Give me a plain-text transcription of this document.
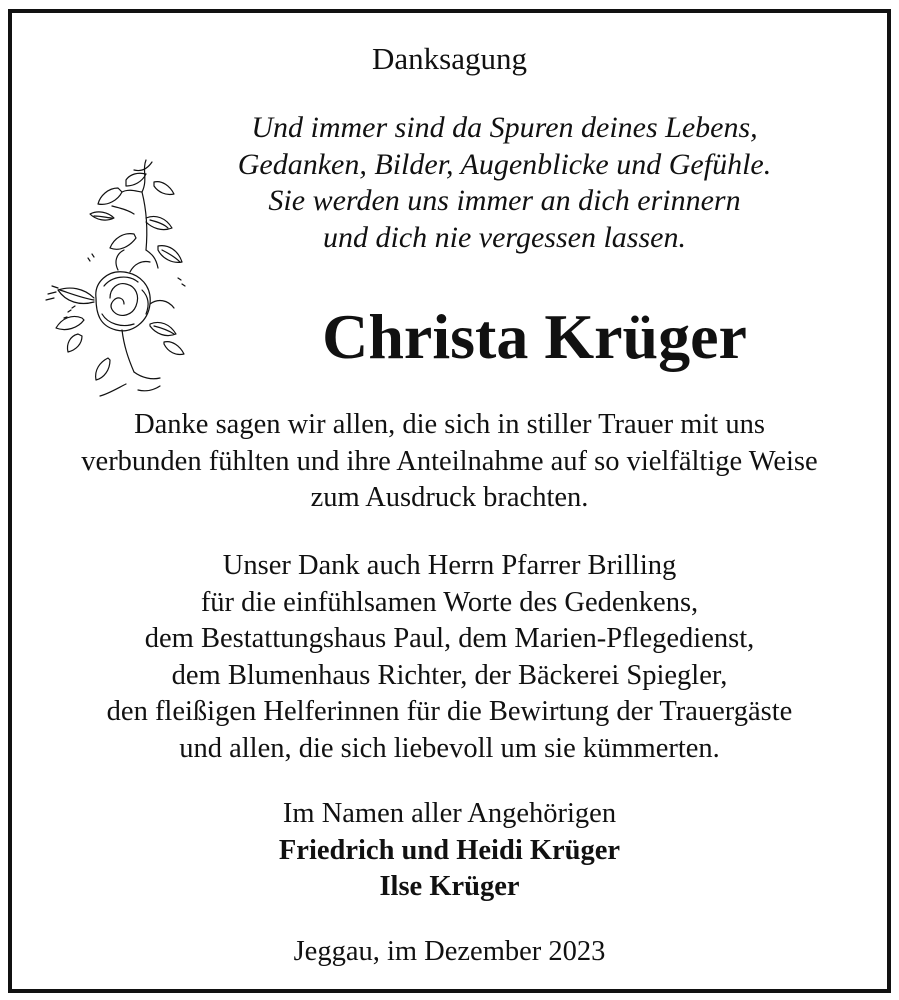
Danksagung
Und immer sind da Spuren deines Lebens,
Gedanken, Bilder, Augenblicke und Gefühle.
Sie werden uns immer an dich erinnern
und dich nie vergessen lassen.
Christa Krüger
Danke sagen wir allen, die sich in stiller Trauer mit uns
verbunden fühlten und ihre Anteilnahme auf so vielfältige Weise
zum Ausdruck brachten.
Unser Dank auch Herrn Pfarrer Brilling
für die einfühlsamen Worte des Gedenkens,
dem Bestattungshaus Paul, dem Marien-Pflegedienst,
dem Blumenhaus Richter, der Bäckerei Spiegler,
den fleißigen Helferinnen für die Bewirtung der Trauergäste
und allen, die sich liebevoll um sie kümmerten.
Im Namen aller Angehörigen
Friedrich und Heidi Krüger
Ilse Krüger
Jeggau, im Dezember 2023
